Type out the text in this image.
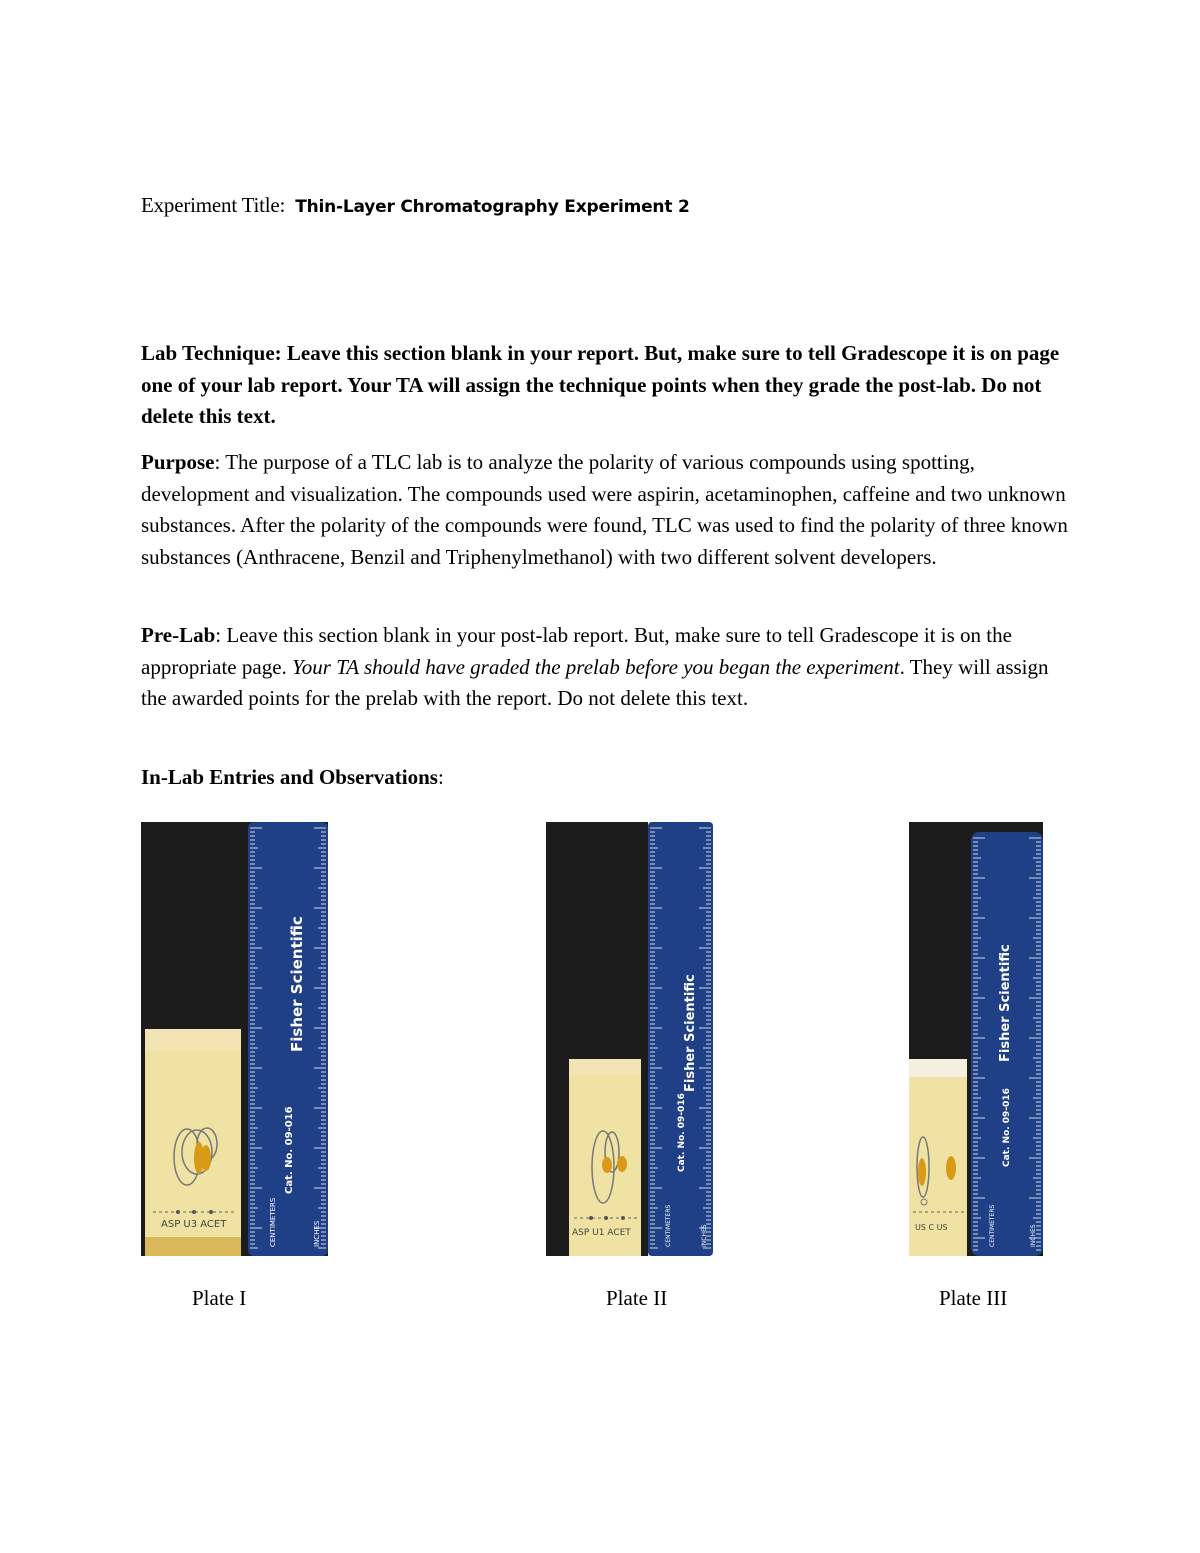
Experiment Title: Thin-Layer Chromatography Experiment 2
Lab Technique: Leave this section blank in your report. But, make sure to tell Gradescope it is on page one of your lab report. Your TA will assign the technique points when they grade the post-lab. Do not delete this text.
Purpose: The purpose of a TLC lab is to analyze the polarity of various compounds using spotting, development and visualization. The compounds used were aspirin, acetaminophen, caffeine and two unknown substances. After the polarity of the compounds were found, TLC was used to find the polarity of three known substances (Anthracene, Benzil and Triphenylmethanol) with two different solvent developers.
Pre-Lab: Leave this section blank in your post-lab report. But, make sure to tell Gradescope it is on the appropriate page. Your TA should have graded the prelab before you began the experiment. They will assign the awarded points for the prelab with the report. Do not delete this text.
In-Lab Entries and Observations:
ASP U3 ACET
Fisher Scientific
Cat. No. 09-016
CENTIMETERS	INCHES	ASP U1 ACET
Fisher Scientific
Cat. No. 09-016
CENTIMETERS	INCHES	US C US
Fisher Scientific
Cat. No. 09-016
CENTIMETERS	INCHES
Plate I	Plate II	Plate III
